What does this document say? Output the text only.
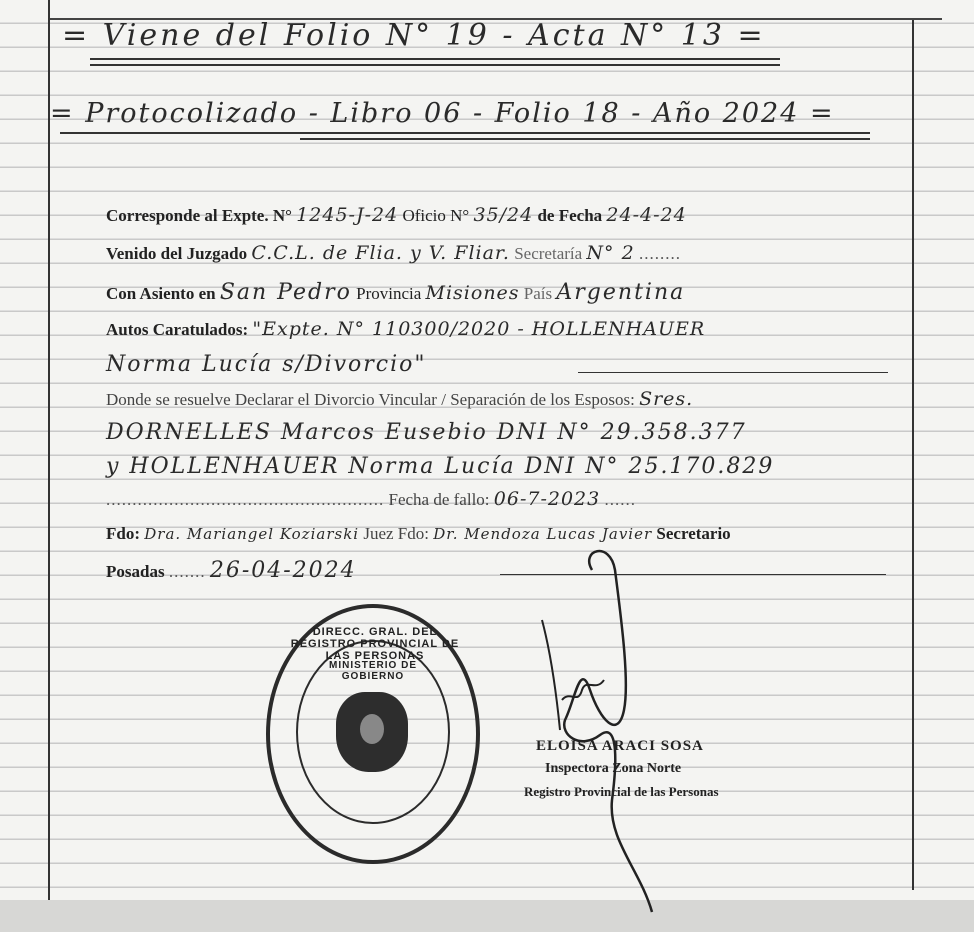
= Viene del Folio N° 19 - Acta N° 13 =
= Protocolizado - Libro 06 - Folio 18 - Año 2024 =
Corresponde al Expte. N° 1245-J-24 Oficio N° 35/24 de Fecha 24-4-24
Venido del Juzgado C.C.L. de Flia. y V. Fliar. Secretaría N° 2 ........
Con Asiento en San Pedro Provincia Misiones País Argentina
Autos Caratulados: "Expte. N° 110300/2020 - HOLLENHAUER
Norma Lucía s/Divorcio"
Donde se resuelve Declarar el Divorcio Vincular / Separación de los Esposos: Sres.
DORNELLES Marcos Eusebio DNI N° 29.358.377
y HOLLENHAUER Norma Lucía DNI N° 25.170.829
..................................................... Fecha de fallo: 06-7-2023 ......
Fdo: Dra. Mariangel Koziarski Juez Fdo: Dr. Mendoza Lucas Javier Secretario
Posadas ....... 26-04-2024
DIRECC. GRAL. DEL REGISTRO PROVINCIAL DE LAS PERSONAS
MINISTERIO DE GOBIERNO
ELOISA ARACI SOSA
Inspectora Zona Norte
Registro Provincial de las Personas
